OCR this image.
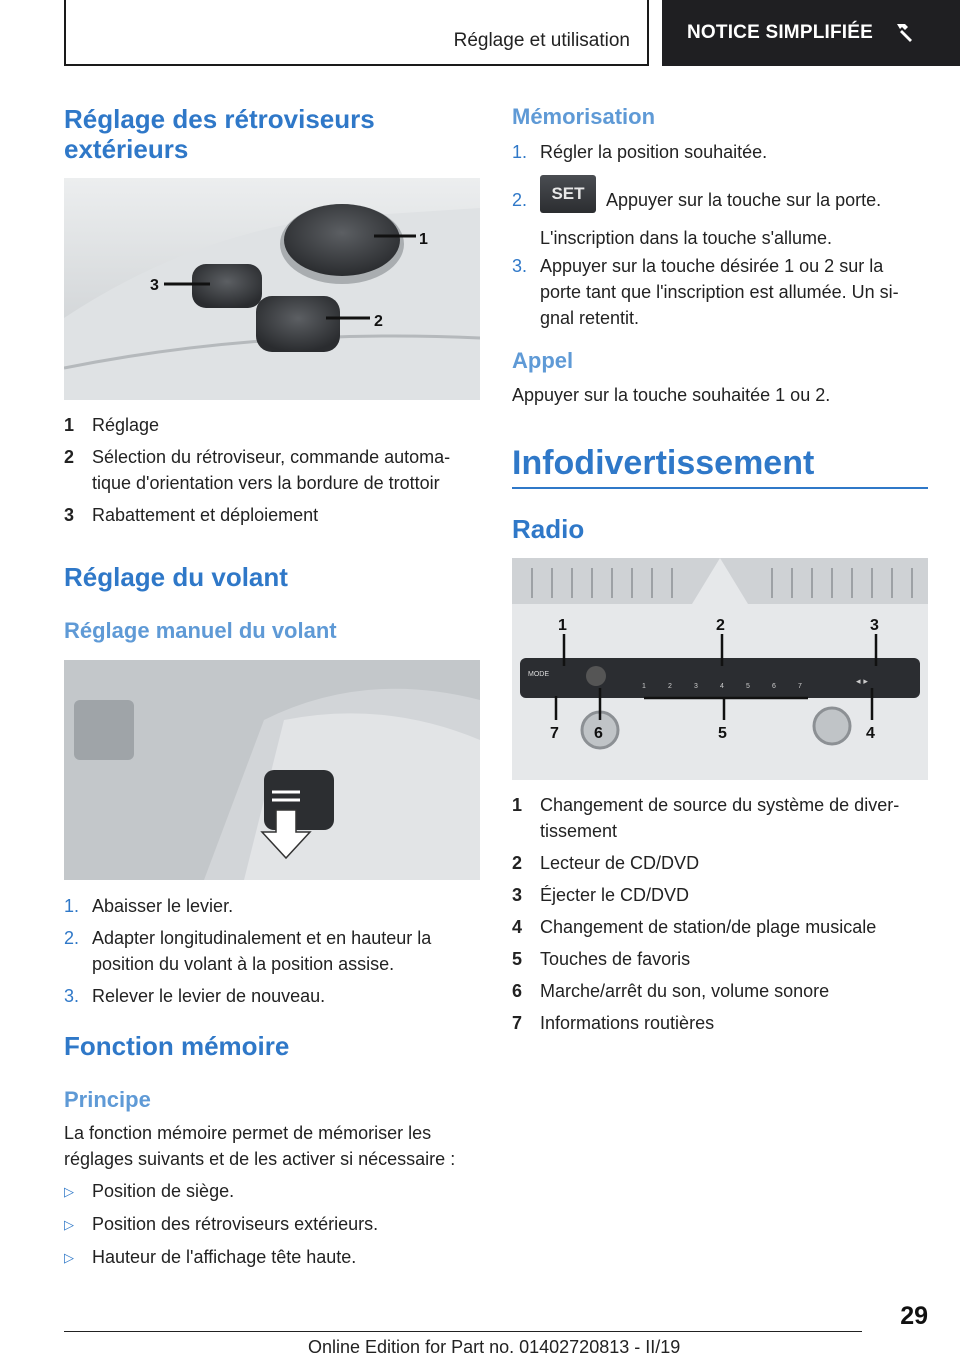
Réglage et utilisation	NOTICE SIMPLIFIÉE
Réglage des rétroviseurs extérieurs
1
2
3
1 Réglage
2 Sélection du rétroviseur, commande automa-tique d'orientation vers la bordure de trottoir
3 Rabattement et déploiement
Réglage du volant
Réglage manuel du volant
1. Abaisser le levier.
2. Adapter longitudinalement et en hauteur la position du volant à la position assise.
3. Relever le levier de nouveau.
Fonction mémoire
Principe
La fonction mémoire permet de mémoriser les réglages suivants et de les activer si nécessaire :
▷	Position de siège.
▷	Position des rétroviseurs extérieurs.
▷	Hauteur de l'affichage tête haute.
Mémorisation
1. Régler la position souhaitée.
2.	SET Appuyer sur la touche sur la porte. L'inscription dans la touche s'allume.
3. Appuyer sur la touche désirée 1 ou 2 sur la porte tant que l'inscription est allumée. Un si-gnal retentit.
Appel
Appuyer sur la touche souhaitée 1 ou 2.
Infodivertissement
Radio
MODE
1	2	3	4	5	6	7	◂ ▸
1	2	3
4
5
6
7
1 Changement de source du système de diver-tissement
2 Lecteur de CD/DVD
3 Éjecter le CD/DVD
4 Changement de station/de plage musicale
5 Touches de favoris
6 Marche/arrêt du son, volume sonore
7 Informations routières
29
Online Edition for Part no. 01402720813 - II/19
